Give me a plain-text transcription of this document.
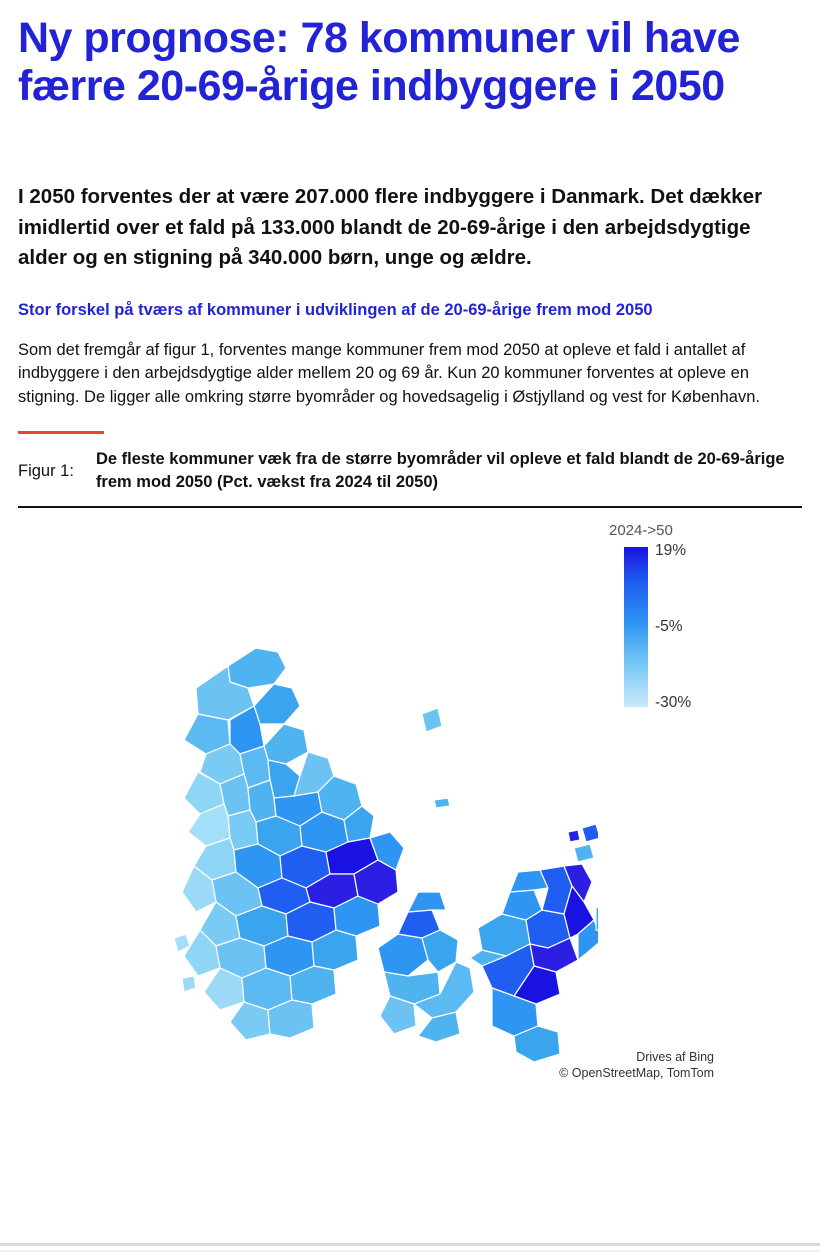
Ny prognose: 78 kommuner vil have færre 20-69-årige indbyggere i 2050

I 2050 forventes der at være 207.000 flere indbyggere i Danmark. Det dækker imidlertid over et fald på 133.000 blandt de 20-69-årige i den arbejdsdygtige alder og en stigning på 340.000 børn, unge og ældre.

Stor forskel på tværs af kommuner i udviklingen af de 20-69-årige frem mod 2050

Som det fremgår af figur 1, forventes mange kommuner frem mod 2050 at opleve et fald i antallet af indbyggere i den arbejdsdygtige alder mellem 20 og 69 år. Kun 20 kommuner forventes at opleve en stigning. De ligger alle omkring større byområder og hovedsagelig i Østjylland og vest for København.

Figur 1:
De fleste kommuner væk fra de større byområder vil opleve et fald blandt de 20-69-årige frem mod 2050 (Pct. vækst fra 2024 til 2050)
2024->50
19%
-5%
-30%
Drives af Bing
© OpenStreetMap, TomTom
